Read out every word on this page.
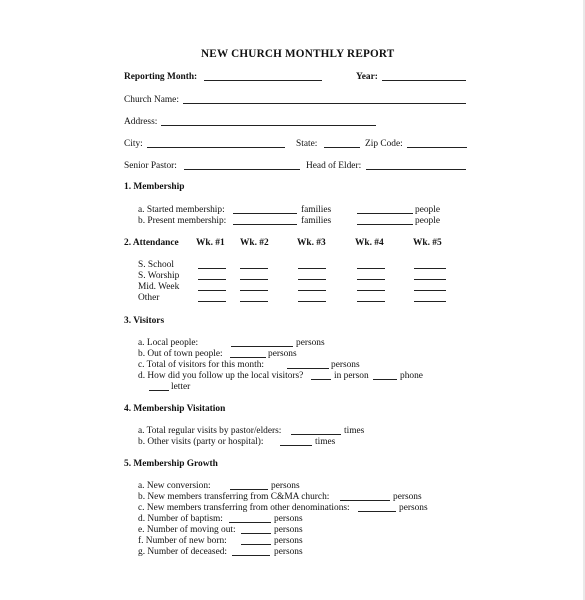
NEW CHURCH MONTHLY REPORT
Reporting Month:	Year:
Church Name:
Address:
City:	State:	Zip Code:
Senior Pastor:	Head of Elder:
1. Membership
a. Started membership:	families	people
b. Present membership:	families	people
2. Attendance Wk. #1 Wk. #2	Wk. #3	Wk. #4	Wk. #5
S. School
S. Worship
Mid. Week
Other
3. Visitors
a. Local people:	persons
b. Out of town people:	persons
c. Total of visitors for this month:	persons
d. How did you follow up the local visitors?	in person	phone
letter
4. Membership Visitation
a. Total regular visits by pastor/elders:	times
b. Other visits (party or hospital):	times
5. Membership Growth
a. New conversion:	persons
b. New members transferring from C&MA church:	persons
c. New members transferring from other denominations:	persons
d. Number of baptism:	persons
e. Number of moving out:	persons
f. Number of new born:	persons
g. Number of deceased:	persons
